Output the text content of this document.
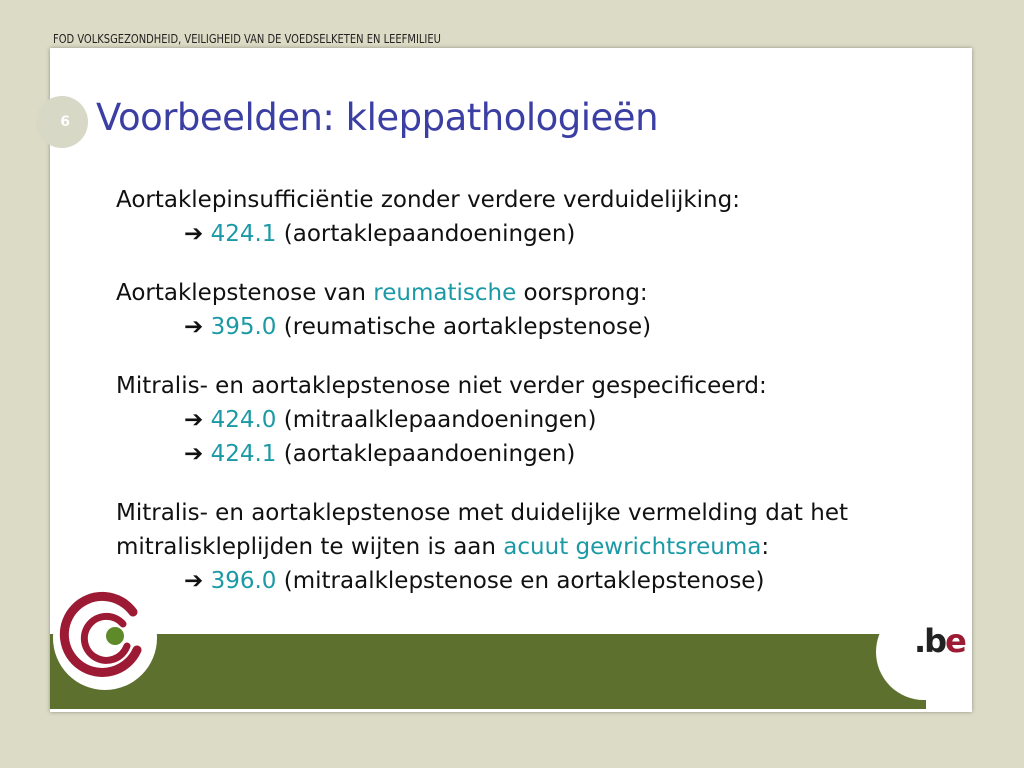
FOD VOLKSGEZONDHEID, VEILIGHEID VAN DE VOEDSELKETEN EN LEEFMILIEU
6 Voorbeelden: kleppathologieën
Aortaklepinsufficiëntie zonder verdere verduidelijking:
➔ 424.1 (aortaklepaandoeningen)
Aortaklepstenose van reumatische oorsprong:
➔ 395.0 (reumatische aortaklepstenose)
Mitralis- en aortaklepstenose niet verder gespecificeerd:
➔ 424.0 (mitraalklepaandoeningen)
➔ 424.1 (aortaklepaandoeningen)
Mitralis- en aortaklepstenose met duidelijke vermelding dat het mitraliskleplijden te wijten is aan acuut gewrichtsreuma:
➔ 396.0 (mitraalklepstenose en aortaklepstenose)
.be
